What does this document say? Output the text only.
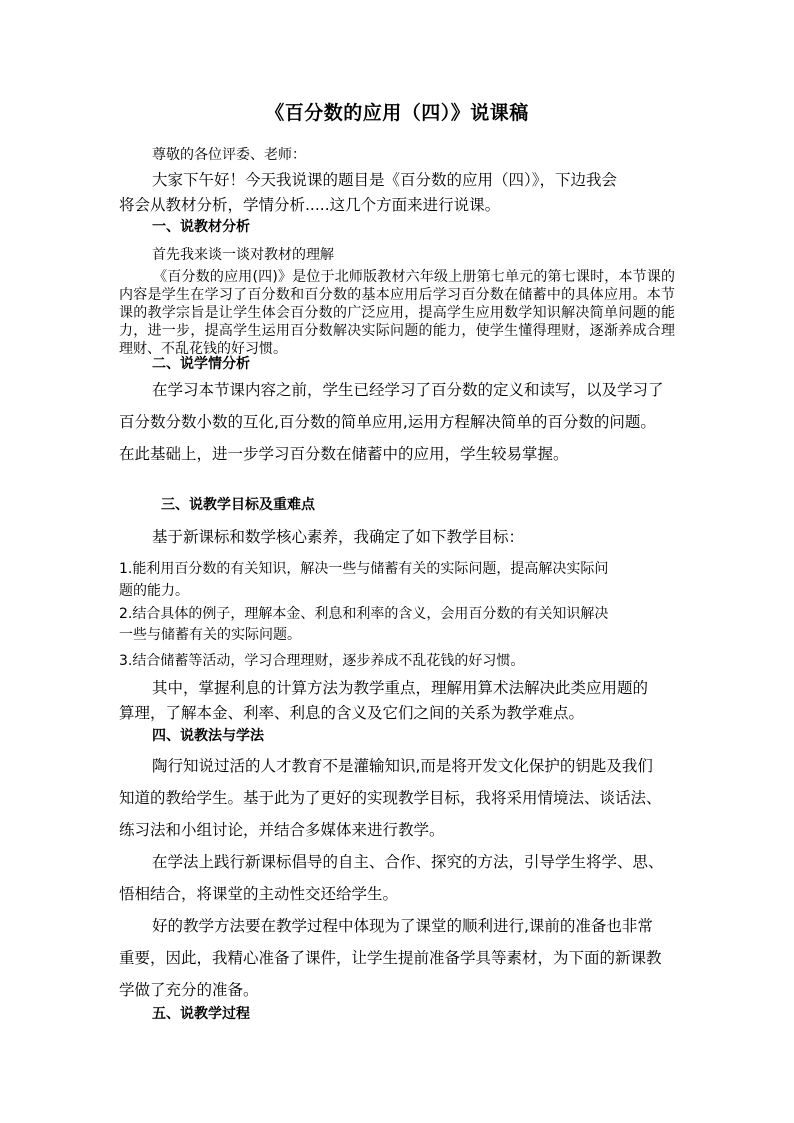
《百分数的应用（四）》说课稿
尊敬的各位评委、老师：
大家下午好！今天我说课的题目是《百分数的应用（四）》，下边我会
将会从教材分析，学情分析.....这几个方面来进行说课。
一、说教材分析
首先我来谈一谈对教材的理解
《百分数的应用(四)》是位于北师版教材六年级上册第七单元的第七课时，本节课的内容是学生在学习了百分数和百分数的基本应用后学习百分数在储蓄中的具体应用。本节课的教学宗旨是让学生体会百分数的广泛应用，提高学生应用数学知识解决简单问题的能力，进一步，提高学生运用百分数解决实际问题的能力，使学生懂得理财，逐渐养成合理理财、不乱花钱的好习惯。
二、说学情分析
在学习本节课内容之前，学生已经学习了百分数的定义和读写，以及学习了
百分数分数小数的互化,百分数的简单应用,运用方程解决简单的百分数的问题。
在此基础上，进一步学习百分数在储蓄中的应用，学生较易掌握。
三、说教学目标及重难点
基于新课标和数学核心素养，我确定了如下教学目标：
1.能利用百分数的有关知识，解决一些与储蓄有关的实际问题，提高解决实际问
题的能力。
2.结合具体的例子，理解本金、利息和利率的含义，会用百分数的有关知识解决
一些与储蓄有关的实际问题。
3.结合储蓄等活动，学习合理理财，逐步养成不乱花钱的好习惯。
其中，掌握利息的计算方法为教学重点，理解用算术法解决此类应用题的
算理，了解本金、利率、利息的含义及它们之间的关系为教学难点。
四、说教法与学法
陶行知说过活的人才教育不是灌输知识,而是将开发文化保护的钥匙及我们
知道的教给学生。基于此为了更好的实现教学目标，我将采用情境法、谈话法、
练习法和小组讨论，并结合多媒体来进行教学。
在学法上践行新课标倡导的自主、合作、探究的方法，引导学生将学、思、
悟相结合，将课堂的主动性交还给学生。
好的教学方法要在教学过程中体现为了课堂的顺利进行,课前的准备也非常
重要，因此，我精心准备了课件，让学生提前准备学具等素材，为下面的新课教
学做了充分的准备。
五、说教学过程
